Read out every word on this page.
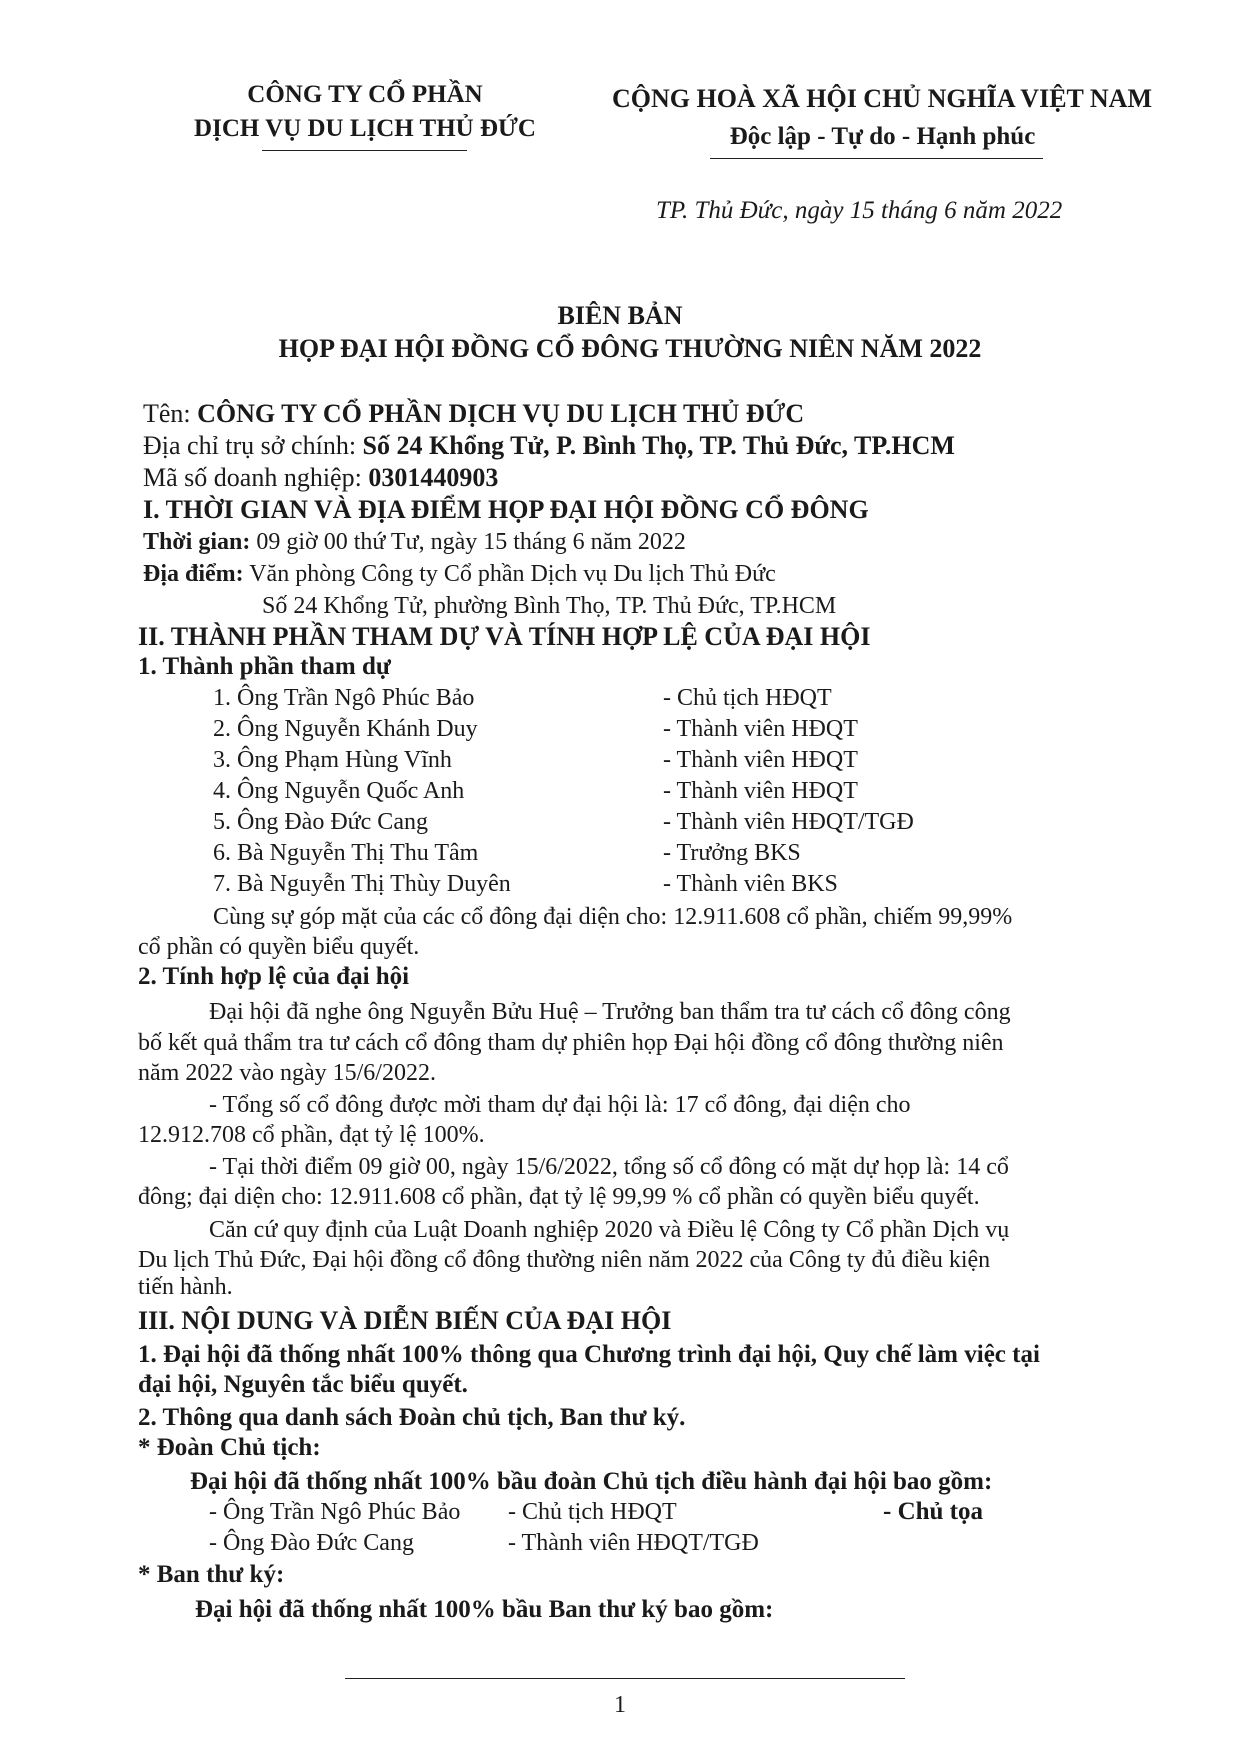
CÔNG TY CỔ PHẦN
DỊCH VỤ DU LỊCH THỦ ĐỨC
CỘNG HOÀ XÃ HỘI CHỦ NGHĨA VIỆT NAM
Độc lập - Tự do - Hạnh phúc
TP. Thủ Đức, ngày 15 tháng 6 năm 2022
BIÊN BẢN
HỌP ĐẠI HỘI ĐỒNG CỔ ĐÔNG THƯỜNG NIÊN NĂM 2022
Tên: CÔNG TY CỔ PHẦN DỊCH VỤ DU LỊCH THỦ ĐỨC
Địa chỉ trụ sở chính: Số 24 Khổng Tử, P. Bình Thọ, TP. Thủ Đức, TP.HCM
Mã số doanh nghiệp: 0301440903
I. THỜI GIAN VÀ ĐỊA ĐIỂM HỌP ĐẠI HỘI ĐỒNG CỔ ĐÔNG
Thời gian: 09 giờ 00 thứ Tư, ngày 15 tháng 6 năm 2022
Địa điểm: Văn phòng Công ty Cổ phần Dịch vụ Du lịch Thủ Đức
Số 24 Khổng Tử, phường Bình Thọ, TP. Thủ Đức, TP.HCM
II. THÀNH PHẦN THAM DỰ VÀ TÍNH HỢP LỆ CỦA ĐẠI HỘI
1. Thành phần tham dự
1. Ông Trần Ngô Phúc Bảo	- Chủ tịch HĐQT
2. Ông Nguyễn Khánh Duy	- Thành viên HĐQT
3. Ông Phạm Hùng Vĩnh	- Thành viên HĐQT
4. Ông Nguyễn Quốc Anh	- Thành viên HĐQT
5. Ông Đào Đức Cang	- Thành viên HĐQT/TGĐ
6. Bà Nguyễn Thị Thu Tâm	- Trưởng BKS
7. Bà Nguyễn Thị Thùy Duyên	- Thành viên BKS
Cùng sự góp mặt của các cổ đông đại diện cho: 12.911.608 cổ phần, chiếm 99,99%
cổ phần có quyền biểu quyết.
2. Tính hợp lệ của đại hội
Đại hội đã nghe ông Nguyễn Bửu Huệ – Trưởng ban thẩm tra tư cách cổ đông công
bố kết quả thẩm tra tư cách cổ đông tham dự phiên họp Đại hội đồng cổ đông thường niên
năm 2022 vào ngày 15/6/2022.
- Tổng số cổ đông được mời tham dự đại hội là: 17 cổ đông, đại diện cho
12.912.708 cổ phần, đạt tỷ lệ 100%.
- Tại thời điểm 09 giờ 00, ngày 15/6/2022, tổng số cổ đông có mặt dự họp là: 14 cổ
đông; đại diện cho: 12.911.608 cổ phần, đạt tỷ lệ 99,99 % cổ phần có quyền biểu quyết.
Căn cứ quy định của Luật Doanh nghiệp 2020 và Điều lệ Công ty Cổ phần Dịch vụ
Du lịch Thủ Đức, Đại hội đồng cổ đông thường niên năm 2022 của Công ty đủ điều kiện
tiến hành.
III. NỘI DUNG VÀ DIỄN BIẾN CỦA ĐẠI HỘI
1. Đại hội đã thống nhất 100% thông qua Chương trình đại hội, Quy chế làm việc tại
đại hội, Nguyên tắc biểu quyết.
2. Thông qua danh sách Đoàn chủ tịch, Ban thư ký.
* Đoàn Chủ tịch:
Đại hội đã thống nhất 100% bầu đoàn Chủ tịch điều hành đại hội bao gồm:
- Ông Trần Ngô Phúc Bảo - Chủ tịch HĐQT	- Chủ tọa
- Ông Đào Đức Cang	- Thành viên HĐQT/TGĐ
* Ban thư ký:
Đại hội đã thống nhất 100% bầu Ban thư ký bao gồm:
1
